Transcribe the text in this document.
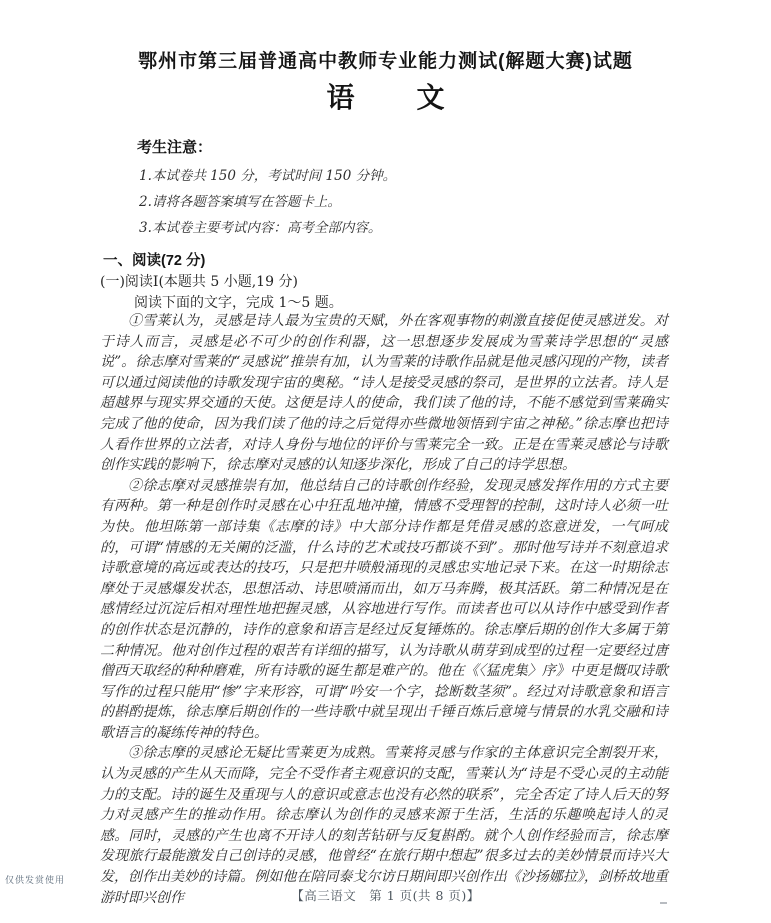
鄂州市第三届普通高中教师专业能力测试(解题大赛)试题
语 文
考生注意：
1.本试卷共 150 分，考试时间 150 分钟。
2.请将各题答案填写在答题卡上。
3.本试卷主要考试内容：高考全部内容。
一、阅读(72 分)
(一)阅读Ⅰ(本题共 5 小题,19 分)
阅读下面的文字，完成 1～5 题。

①雪莱认为，灵感是诗人最为宝贵的天赋，外在客观事物的刺激直接促使灵感迸发。对于诗人而言，灵感是必不可少的创作利器，这一思想逐步发展成为雪莱诗学思想的“灵感说”。徐志摩对雪莱的“灵感说”推崇有加，认为雪莱的诗歌作品就是他灵感闪现的产物，读者可以通过阅读他的诗歌发现宇宙的奥秘。“诗人是接受灵感的祭司，是世界的立法者。诗人是超越界与现实界交通的天使。这便是诗人的使命，我们读了他的诗，不能不感觉到雪莱确实完成了他的使命，因为我们读了他的诗之后觉得亦些微地领悟到宇宙之神秘。”徐志摩也把诗人看作世界的立法者，对诗人身份与地位的评价与雪莱完全一致。正是在雪莱灵感论与诗歌创作实践的影响下，徐志摩对灵感的认知逐步深化，形成了自己的诗学思想。

②徐志摩对灵感推崇有加，他总结自己的诗歌创作经验，发现灵感发挥作用的方式主要有两种。第一种是创作时灵感在心中狂乱地冲撞，情感不受理智的控制，这时诗人必须一吐为快。他坦陈第一部诗集《志摩的诗》中大部分诗作都是凭借灵感的恣意迸发，一气呵成的，可谓“情感的无关阑的泛滥，什么诗的艺术或技巧都谈不到”。那时他写诗并不刻意追求诗歌意境的高远或表达的技巧，只是把井喷般涌现的灵感忠实地记录下来。在这一时期徐志摩处于灵感爆发状态，思想活动、诗思喷涌而出，如万马奔腾，极其活跃。第二种情况是在感情经过沉淀后相对理性地把握灵感，从容地进行写作。而读者也可以从诗作中感受到作者的创作状态是沉静的，诗作的意象和语言是经过反复锤炼的。徐志摩后期的创作大多属于第二种情况。他对创作过程的艰苦有详细的描写，认为诗歌从萌芽到成型的过程一定要经过唐僧西天取经的种种磨难，所有诗歌的诞生都是难产的。他在《〈猛虎集〉序》中更是慨叹诗歌写作的过程只能用“惨”字来形容，可谓“吟安一个字，捻断数茎须”。经过对诗歌意象和语言的斟酌提炼，徐志摩后期创作的一些诗歌中就呈现出千锤百炼后意境与情景的水乳交融和诗歌语言的凝练传神的特色。

③徐志摩的灵感论无疑比雪莱更为成熟。雪莱将灵感与作家的主体意识完全割裂开来，认为灵感的产生从天而降，完全不受作者主观意识的支配，雪莱认为“诗是不受心灵的主动能力的支配。诗的诞生及重现与人的意识或意志也没有必然的联系”，完全否定了诗人后天的努力对灵感产生的推动作用。徐志摩认为创作的灵感来源于生活，生活的乐趣唤起诗人的灵感。同时，灵感的产生也离不开诗人的刻苦钻研与反复斟酌。就个人创作经验而言，徐志摩发现旅行最能激发自己创诗的灵感，他曾经“在旅行期中想起”很多过去的美妙情景而诗兴大发，创作出美妙的诗篇。例如他在陪同泰戈尔访日期间即兴创作出《沙扬娜拉》，剑桥故地重游时即兴创作	【高三语文　第 1 页(共 8 页)】
仅供发赏使用
